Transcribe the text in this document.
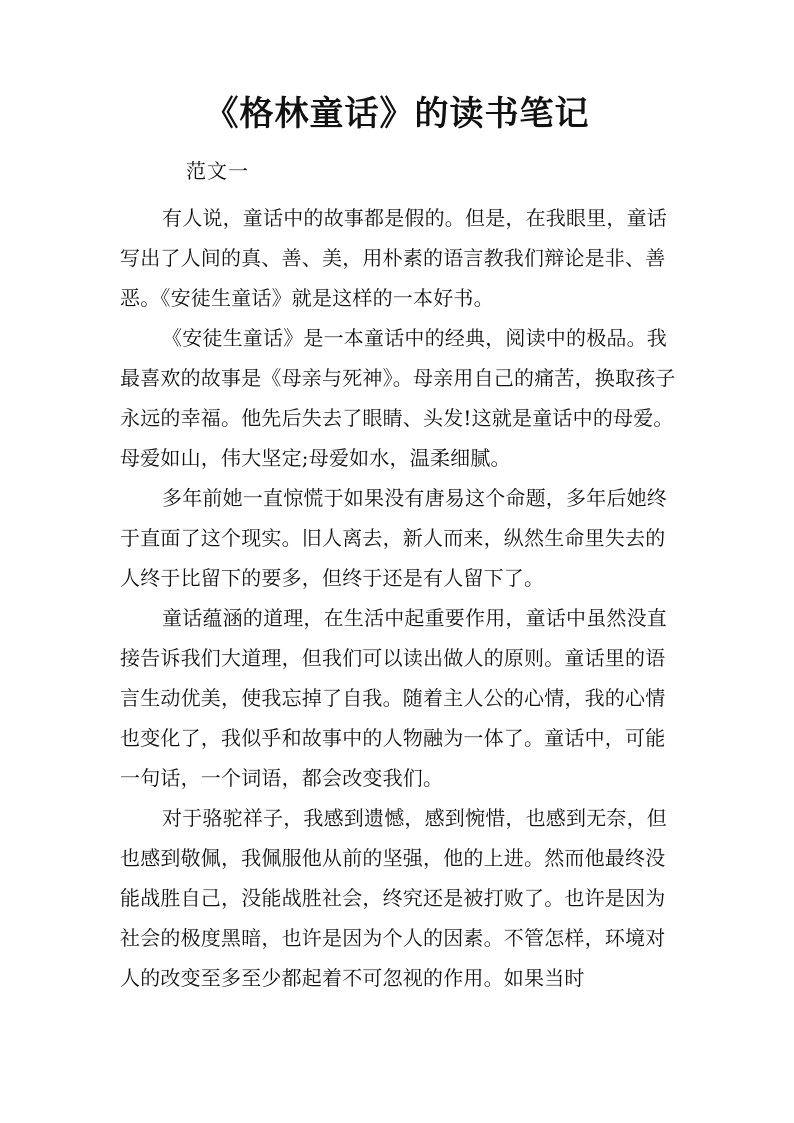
《格林童话》的读书笔记
范文一

有人说，童话中的故事都是假的。但是，在我眼里，童话写出了人间的真、善、美，用朴素的语言教我们辩论是非、善恶。《安徒生童话》就是这样的一本好书。

《安徒生童话》是一本童话中的经典，阅读中的极品。我最喜欢的故事是《母亲与死神》。母亲用自己的痛苦，换取孩子永远的幸福。他先后失去了眼睛、头发!这就是童话中的母爱。母爱如山，伟大坚定;母爱如水，温柔细腻。

多年前她一直惊慌于如果没有唐易这个命题，多年后她终于直面了这个现实。旧人离去，新人而来，纵然生命里失去的人终于比留下的要多，但终于还是有人留下了。

童话蕴涵的道理，在生活中起重要作用，童话中虽然没直接告诉我们大道理，但我们可以读出做人的原则。童话里的语言生动优美，使我忘掉了自我。随着主人公的心情，我的心情也变化了，我似乎和故事中的人物融为一体了。童话中，可能一句话，一个词语，都会改变我们。

对于骆驼祥子，我感到遗憾，感到惋惜，也感到无奈，但也感到敬佩，我佩服他从前的坚强，他的上进。然而他最终没能战胜自己，没能战胜社会，终究还是被打败了。也许是因为社会的极度黑暗，也许是因为个人的因素。不管怎样，环境对人的改变至多至少都起着不可忽视的作用。如果当时
